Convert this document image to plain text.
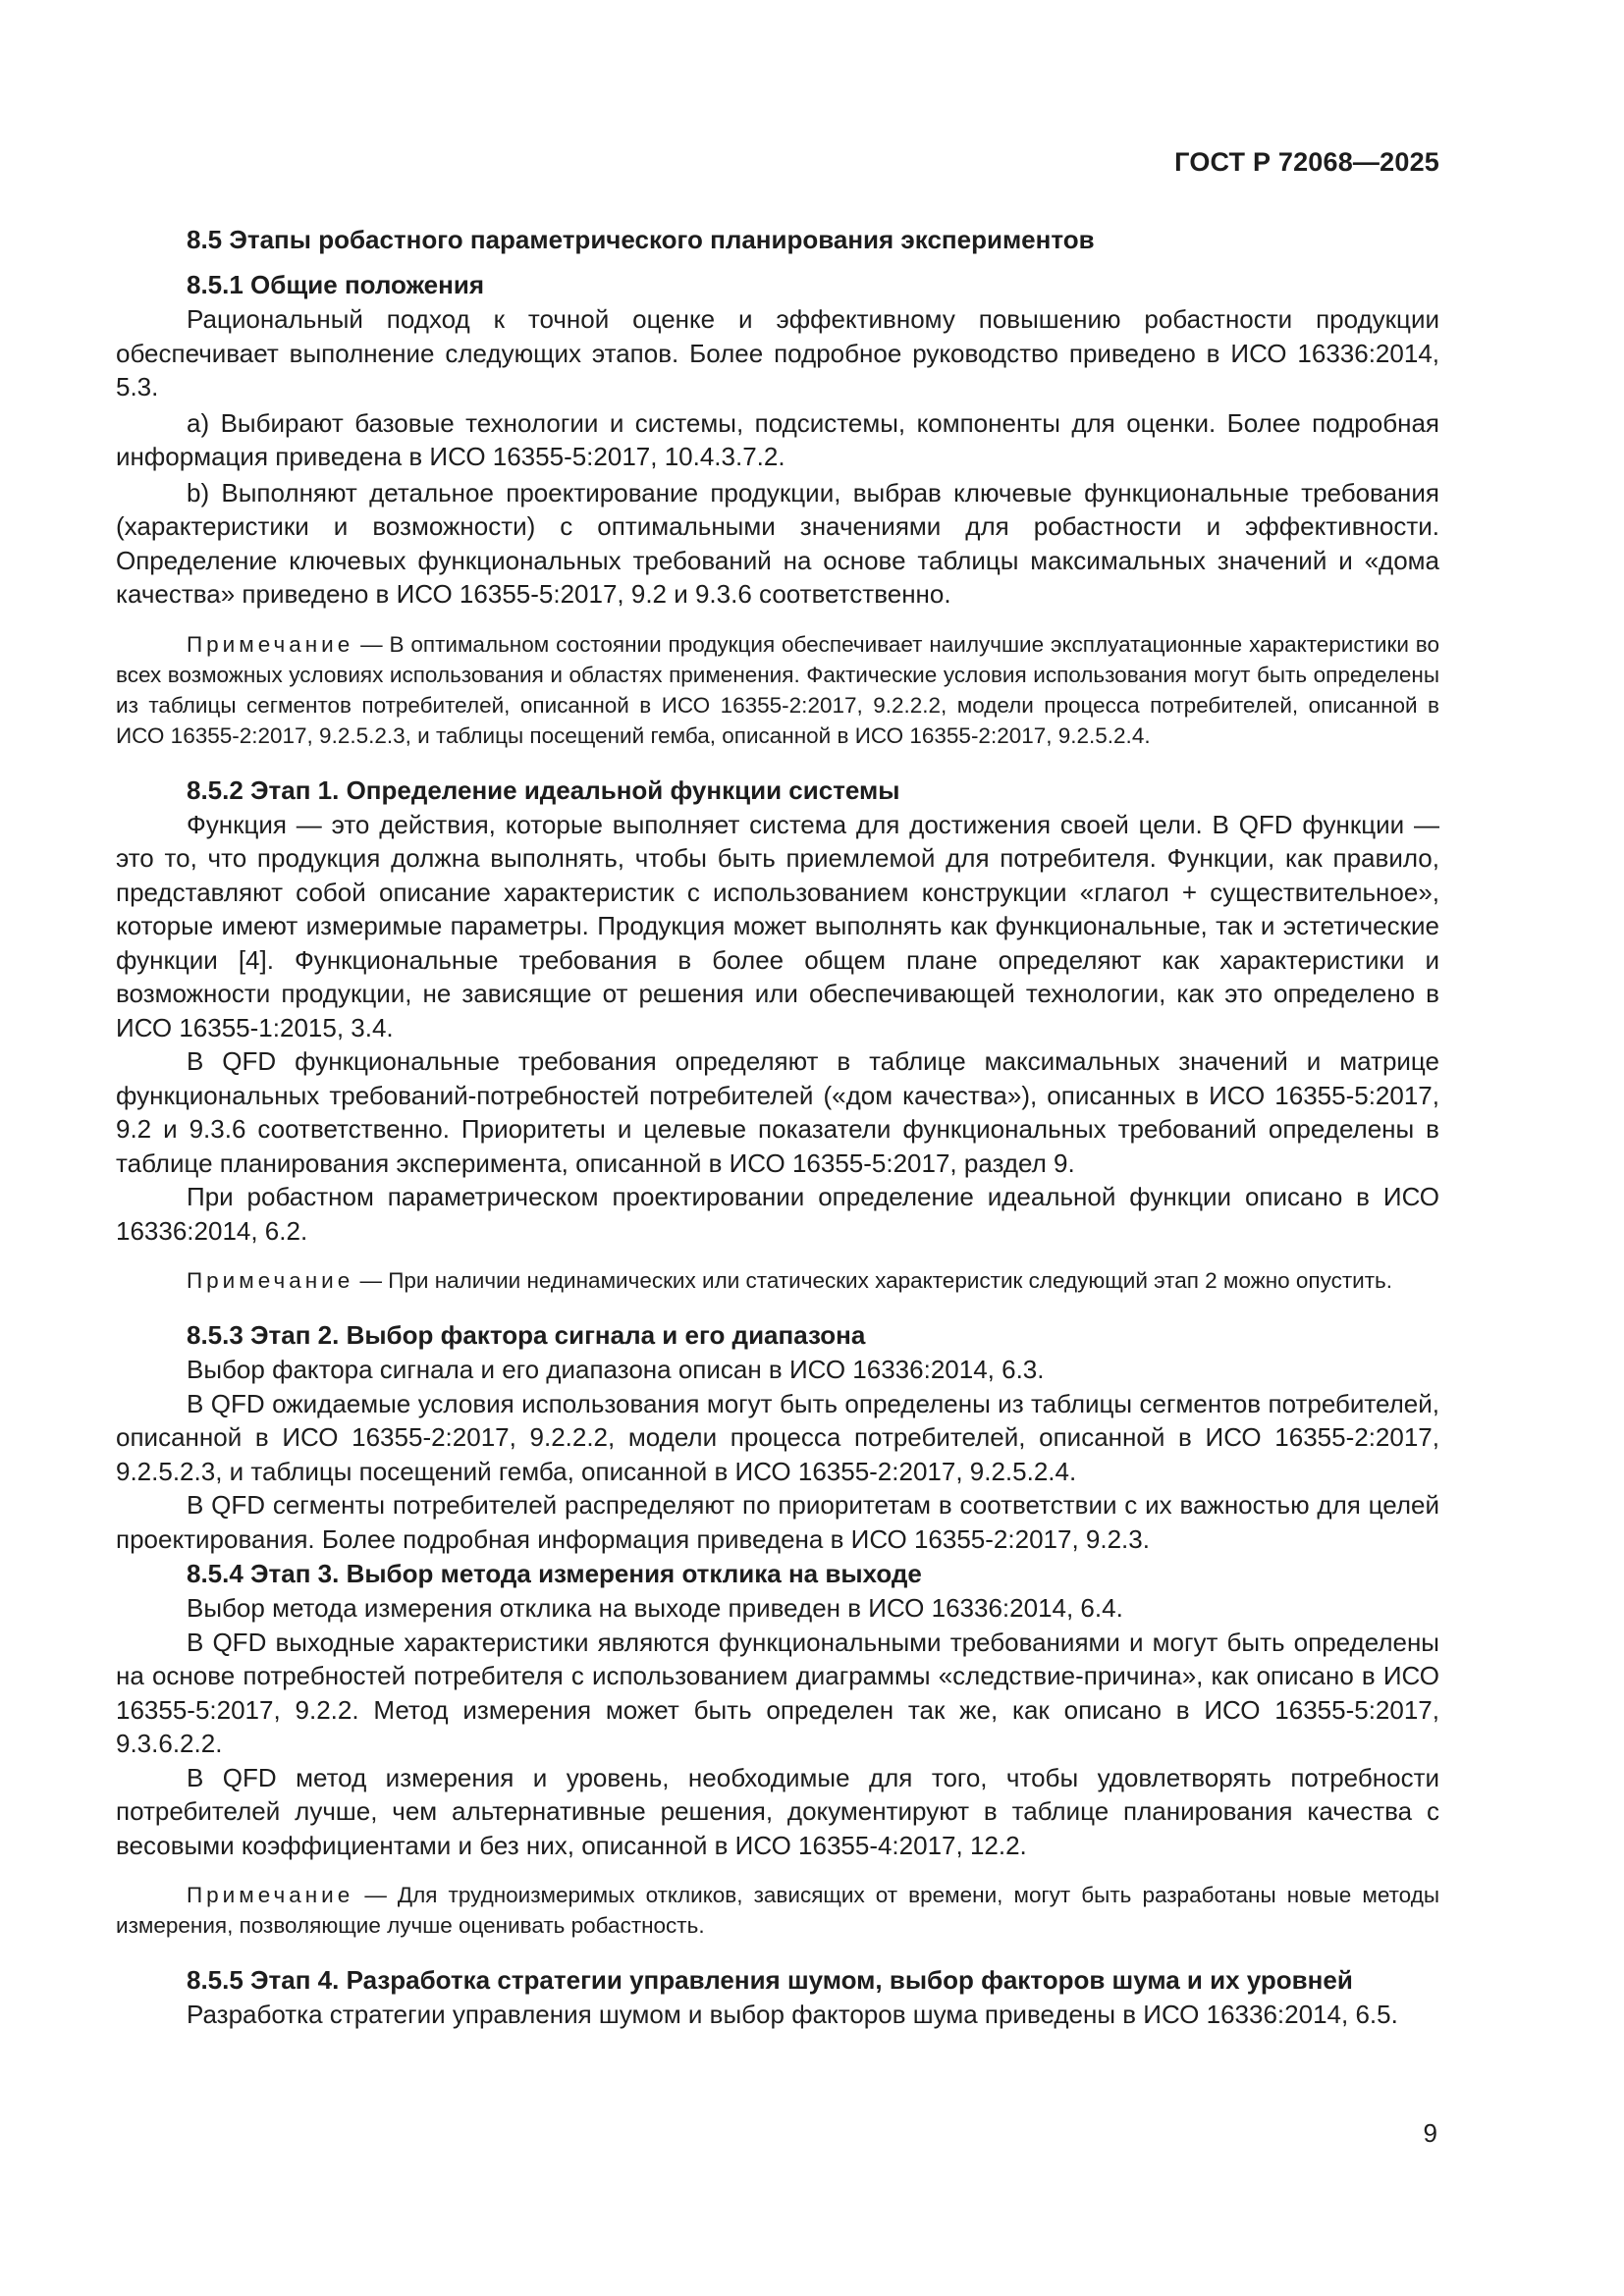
ГОСТ Р 72068—2025

8.5 Этапы робастного параметрического планирования экспериментов

8.5.1 Общие положения

Рациональный подход к точной оценке и эффективному повышению робастности продукции обеспечивает выполнение следующих этапов. Более подробное руководство приведено в ИСО 16336:2014, 5.3.

a) Выбирают базовые технологии и системы, подсистемы, компоненты для оценки. Более подробная информация приведена в ИСО 16355-5:2017, 10.4.3.7.2.

b) Выполняют детальное проектирование продукции, выбрав ключевые функциональные требования (характеристики и возможности) с оптимальными значениями для робастности и эффективности. Определение ключевых функциональных требований на основе таблицы максимальных значений и «дома качества» приведено в ИСО 16355-5:2017, 9.2 и 9.3.6 соответственно.

Примечание — В оптимальном состоянии продукция обеспечивает наилучшие эксплуатационные характеристики во всех возможных условиях использования и областях применения. Фактические условия использования могут быть определены из таблицы сегментов потребителей, описанной в ИСО 16355-2:2017, 9.2.2.2, модели процесса потребителей, описанной в ИСО 16355-2:2017, 9.2.5.2.3, и таблицы посещений гемба, описанной в ИСО 16355-2:2017, 9.2.5.2.4.

8.5.2 Этап 1. Определение идеальной функции системы

Функция — это действия, которые выполняет система для достижения своей цели. В QFD функции — это то, что продукция должна выполнять, чтобы быть приемлемой для потребителя. Функции, как правило, представляют собой описание характеристик с использованием конструкции «глагол + существительное», которые имеют измеримые параметры. Продукция может выполнять как функциональные, так и эстетические функции [4]. Функциональные требования в более общем плане определяют как характеристики и возможности продукции, не зависящие от решения или обеспечивающей технологии, как это определено в ИСО 16355-1:2015, 3.4.

В QFD функциональные требования определяют в таблице максимальных значений и матрице функциональных требований-потребностей потребителей («дом качества»), описанных в ИСО 16355-5:2017, 9.2 и 9.3.6 соответственно. Приоритеты и целевые показатели функциональных требований определены в таблице планирования эксперимента, описанной в ИСО 16355-5:2017, раздел 9.

При робастном параметрическом проектировании определение идеальной функции описано в ИСО 16336:2014, 6.2.

Примечание — При наличии нединамических или статических характеристик следующий этап 2 можно опустить.

8.5.3 Этап 2. Выбор фактора сигнала и его диапазона

Выбор фактора сигнала и его диапазона описан в ИСО 16336:2014, 6.3.

В QFD ожидаемые условия использования могут быть определены из таблицы сегментов потребителей, описанной в ИСО 16355-2:2017, 9.2.2.2, модели процесса потребителей, описанной в ИСО 16355-2:2017, 9.2.5.2.3, и таблицы посещений гемба, описанной в ИСО 16355-2:2017, 9.2.5.2.4.

В QFD сегменты потребителей распределяют по приоритетам в соответствии с их важностью для целей проектирования. Более подробная информация приведена в ИСО 16355-2:2017, 9.2.3.

8.5.4 Этап 3. Выбор метода измерения отклика на выходе

Выбор метода измерения отклика на выходе приведен в ИСО 16336:2014, 6.4.

В QFD выходные характеристики являются функциональными требованиями и могут быть определены на основе потребностей потребителя с использованием диаграммы «следствие-причина», как описано в ИСО 16355-5:2017, 9.2.2. Метод измерения может быть определен так же, как описано в ИСО 16355-5:2017, 9.3.6.2.2.

В QFD метод измерения и уровень, необходимые для того, чтобы удовлетворять потребности потребителей лучше, чем альтернативные решения, документируют в таблице планирования качества с весовыми коэффициентами и без них, описанной в ИСО 16355-4:2017, 12.2.

Примечание — Для трудноизмеримых откликов, зависящих от времени, могут быть разработаны новые методы измерения, позволяющие лучше оценивать робастность.

8.5.5 Этап 4. Разработка стратегии управления шумом, выбор факторов шума и их уровней

Разработка стратегии управления шумом и выбор факторов шума приведены в ИСО 16336:2014, 6.5.

9
